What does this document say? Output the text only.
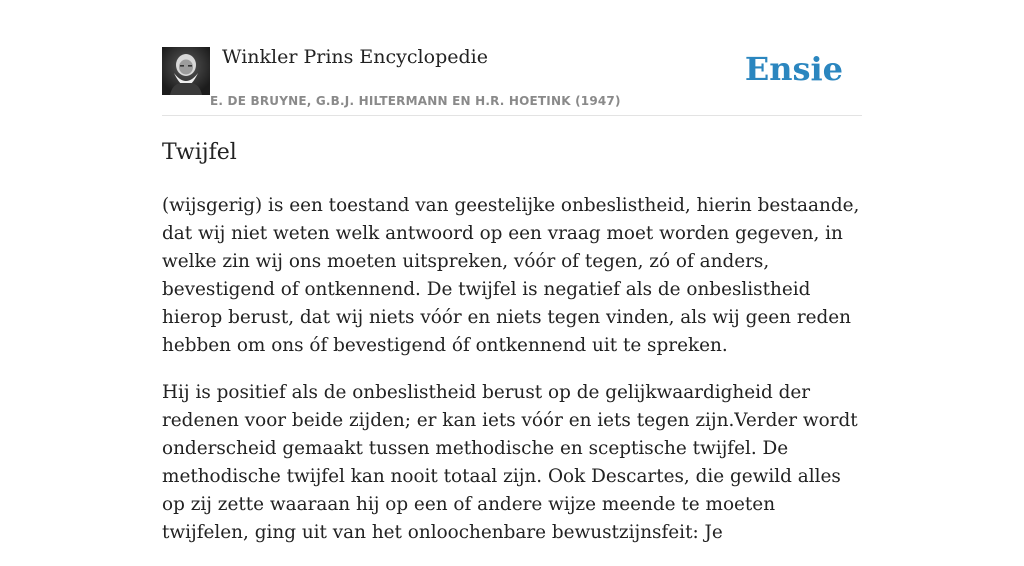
Winkler Prins Encyclopedie
E. DE BRUYNE, G.B.J. HILTERMANN EN H.R. HOETINK (1947)
Ensie
Twijfel

(wijsgerig) is een toestand van geestelijke onbeslistheid, hierin bestaande, dat wij niet weten welk antwoord op een vraag moet worden gegeven, in welke zin wij ons moeten uitspreken, vóór of tegen, zó of anders, bevestigend of ontkennend. De twijfel is negatief als de onbeslistheid hierop berust, dat wij niets vóór en niets tegen vinden, als wij geen reden hebben om ons óf bevestigend óf ontkennend uit te spreken.

Hij is positief als de onbeslistheid berust op de gelijkwaardigheid der redenen voor beide zijden; er kan iets vóór en iets tegen zijn.Verder wordt onderscheid gemaakt tussen methodische en sceptische twijfel. De methodische twijfel kan nooit totaal zijn. Ook Descartes, die gewild alles op zij zette waaraan hij op een of andere wijze meende te moeten twijfelen, ging uit van het onloochenbare bewustzijnsfeit: Je
